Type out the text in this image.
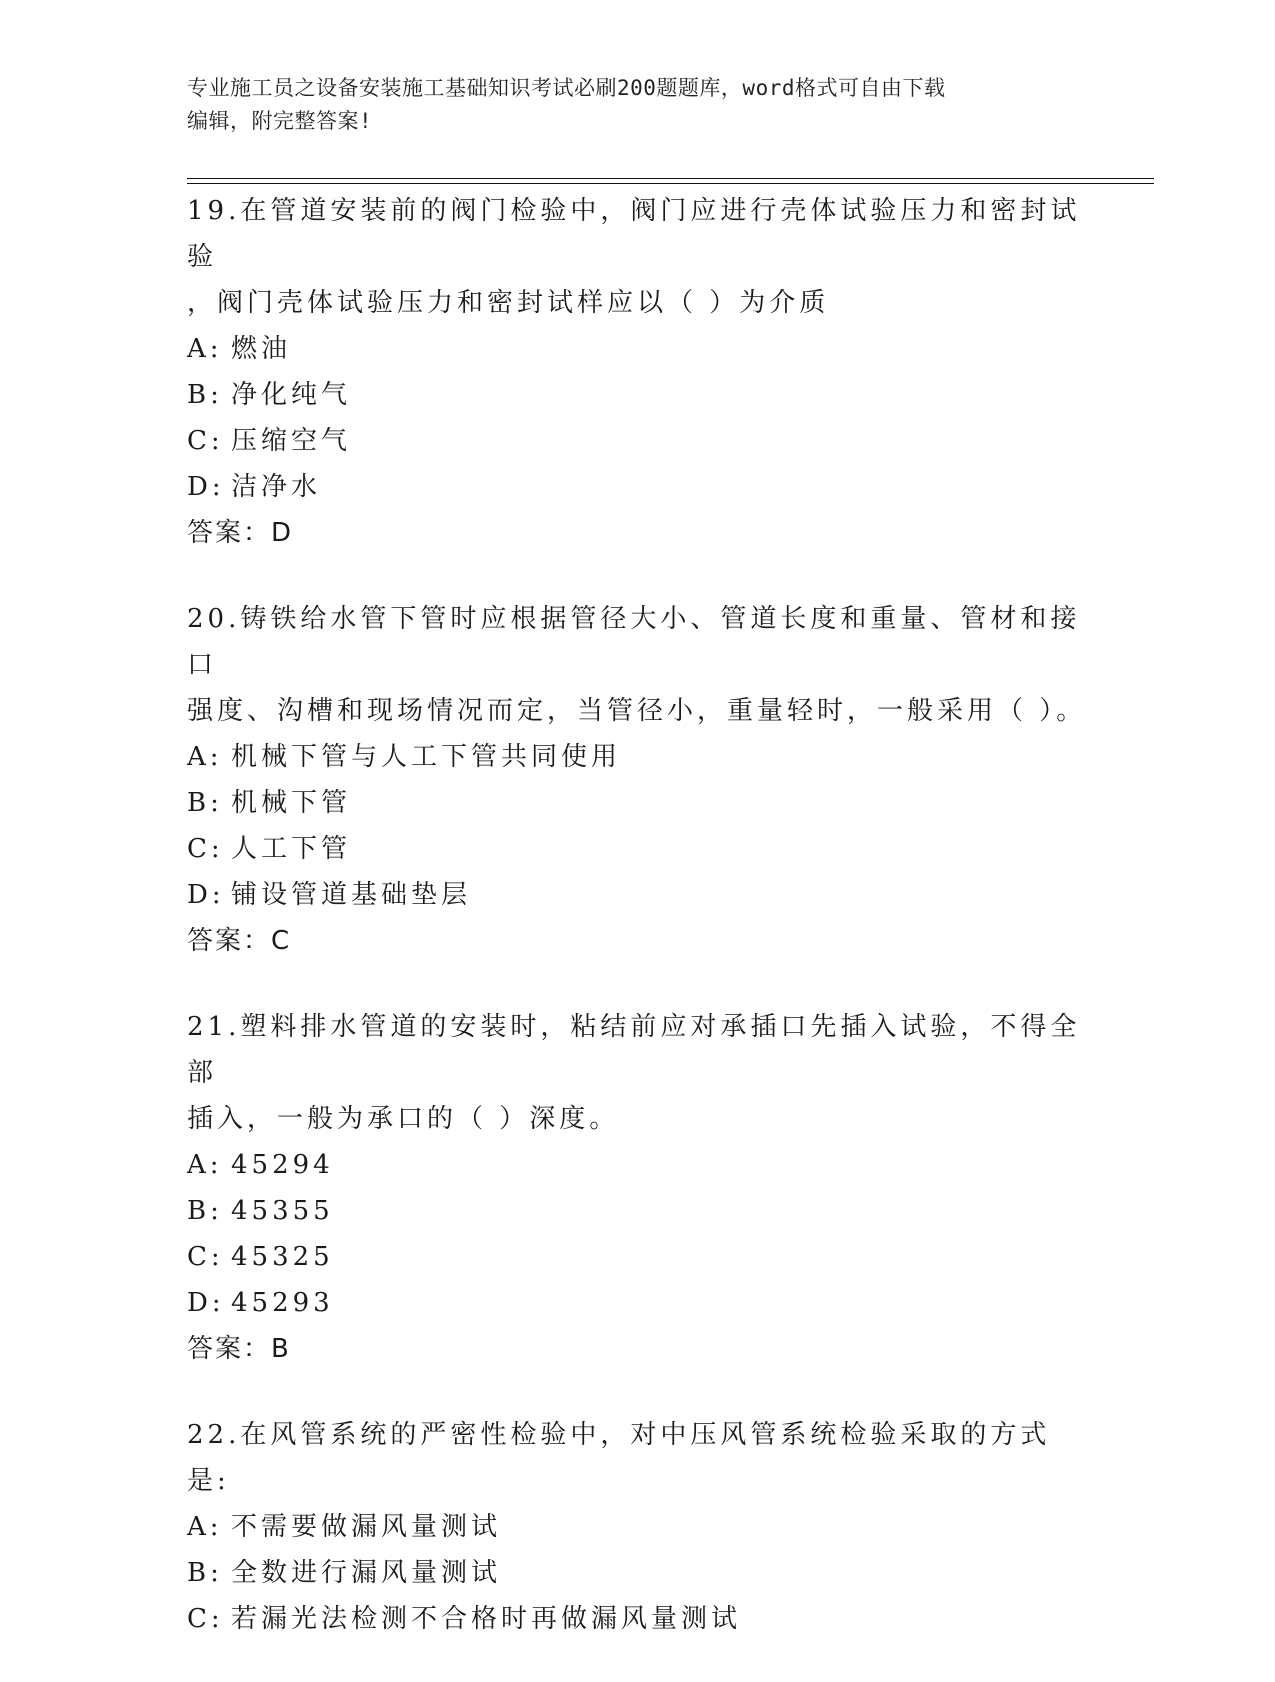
专业施工员之设备安装施工基础知识考试必刷200题题库，word格式可自由下载
编辑，附完整答案!

19.在管道安装前的阀门检验中，阀门应进行壳体试验压力和密封试验
，阀门壳体试验压力和密封试样应以（ ）为介质

A: 燃油

B: 净化纯气

C: 压缩空气

D: 洁净水

答案：D

20.铸铁给水管下管时应根据管径大小、管道长度和重量、管材和接口
强度、沟槽和现场情况而定，当管径小，重量轻时，一般采用（ ）。

A: 机械下管与人工下管共同使用

B: 机械下管

C: 人工下管

D: 铺设管道基础垫层

答案：C

21.塑料排水管道的安装时，粘结前应对承插口先插入试验，不得全部
插入，一般为承口的（ ）深度。

A: 45294

B: 45355

C: 45325

D: 45293

答案：B

22.在风管系统的严密性检验中，对中压风管系统检验采取的方式是:

A: 不需要做漏风量测试

B: 全数进行漏风量测试

C: 若漏光法检测不合格时再做漏风量测试
